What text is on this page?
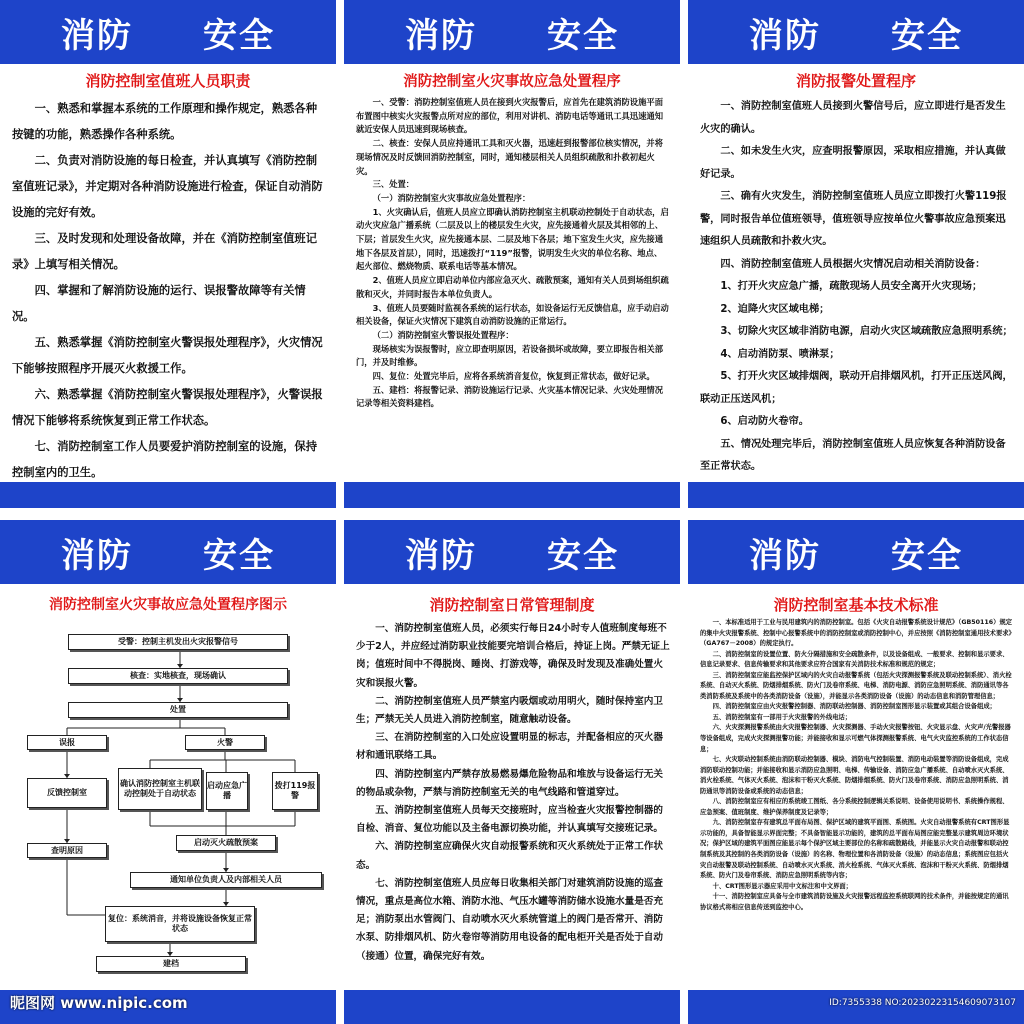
消防 安全
消防控制室值班人员职责

一、熟悉和掌握本系统的工作原理和操作规定，熟悉各种按键的功能，熟悉操作各种系统。

二、负责对消防设施的每日检查，并认真填写《消防控制室值班记录》，并定期对各种消防设施进行检查，保证自动消防设施的完好有效。

三、及时发现和处理设备故障，并在《消防控制室值班记录》上填写相关情况。

四、掌握和了解消防设施的运行、误报警故障等有关情况。

五、熟悉掌握《消防控制室火警误报处理程序》，火灾情况下能够按照程序开展灭火救援工作。

六、熟悉掌握《消防控制室火警误报处理程序》，火警误报情况下能够将系统恢复到正常工作状态。

七、消防控制室工作人员要爱护消防控制室的设施，保持控制室内的卫生。

消防 安全
消防控制室火灾事故应急处置程序

一、受警：消防控制室值班人员在接到火灾报警后，应首先在建筑消防设施平面布置图中核实火灾报警点所对应的部位，利用对讲机、消防电话等通讯工具迅速通知就近安保人员迅速到现场核查。

二、核查：安保人员应持通讯工具和灭火器，迅速赶到报警部位核实情况，并将现场情况及时反馈回消防控制室，同时，通知楼层相关人员组织疏散和扑救初起火灾。

三、处置：

（一）消防控制室火灾事故应急处置程序：

1、火灾确认后，值班人员应立即确认消防控制室主机联动控制处于自动状态，启动火灾应急广播系统（二层及以上的楼层发生火灾，应先接通着火层及其相邻的上、下层；首层发生火灾，应先接通本层、二层及地下各层；地下室发生火灾，应先接通地下各层及首层），同时，迅速拨打“119”报警，说明发生火灾的单位名称、地点、起火部位、燃烧物质、联系电话等基本情况。

2、值班人员应立即启动单位内部应急灭火、疏散预案，通知有关人员到场组织疏散和灭火，并同时报告本单位负责人。

3、值班人员要随时监视各系统的运行状态，如设备运行无反馈信息，应手动启动相关设备，保证火灾情况下建筑自动消防设施的正常运行。

（二）消防控制室火警误报处置程序：

现场核实为误报警时，应立即查明原因，若设备损坏或故障，要立即报告相关部门，并及时维修。

四、复位：处置完毕后，应将各系统消音复位，恢复到正常状态，做好记录。

五、建档：将报警记录、消防设施运行记录、火灾基本情况记录、火灾处理情况记录等相关资料建档。

消防 安全
消防报警处置程序

一、消防控制室值班人员接到火警信号后，应立即进行是否发生火灾的确认。

二、如未发生火灾，应查明报警原因，采取相应措施，并认真做好记录。

三、确有火灾发生，消防控制室值班人员应立即拨打火警119报警，同时报告单位值班领导，值班领导应按单位火警事故应急预案迅速组织人员疏散和扑救火灾。

四、消防控制室值班人员根据火灾情况启动相关消防设备：

1、打开火灾应急广播，疏散现场人员安全离开火灾现场；

2、迫降火灾区域电梯；

3、切除火灾区域非消防电源，启动火灾区域疏散应急照明系统；

4、启动消防泵、喷淋泵；

5、打开火灾区域排烟阀，联动开启排烟风机，打开正压送风阀，联动正压送风机；

6、启动防火卷帘。

五、情况处理完毕后，消防控制室值班人员应恢复各种消防设备至正常状态。

消防 安全
消防控制室火灾事故应急处置程序图示
受警：控制主机发出火灾报警信号
核查：实地核查，现场确认
处置
误报	火警
反馈控制室
确认消防控制室主机联动控制处于自动状态
启动应急广播
拨打119报警
查明原因
启动灭火疏散预案
通知单位负责人及内部相关人员
复位：系统消音，并将设施设备恢复正常状态
建档
消防 安全
消防控制室日常管理制度

一、消防控制室值班人员，必须实行每日24小时专人值班制度每班不少于2人，并应经过消防职业技能要完培训合格后，持证上岗。严禁无证上岗；值班时间中不得脱岗、睡岗、打游戏等，确保及时发现及准确处置火灾和误报火警。

二、消防控制室值班人员严禁室内吸烟或动用明火，随时保持室内卫生；严禁无关人员进入消防控制室，随意触动设备。

三、在消防控制室的入口处应设置明显的标志，并配备相应的灭火器材和通讯联络工具。

四、消防控制室内严禁存放易燃易爆危险物品和堆放与设备运行无关的物品或杂物，严禁与消防控制室无关的电气线路和管道穿过。

五、消防控制室值班人员每天交接班时，应当检查火灾报警控制器的自检、消音、复位功能以及主备电源切换功能，并认真填写交接班记录。

六、消防控制室应确保火灾自动报警系统和灭火系统处于正常工作状态。

七、消防控制室值班人员应每日收集相关部门对建筑消防设施的巡查情况，重点是高位水箱、消防水池、气压水罐等消防储水设施水量是否充足；消防泵出水管阀门、自动喷水灭火系统管道上的阀门是否常开、消防水泵、防排烟风机、防火卷帘等消防用电设备的配电柜开关是否处于自动（接通）位置，确保完好有效。

消防 安全
消防控制室基本技术标准

一、本标准适用于工业与民用建筑内的消防控制室。包括《火灾自动报警系统设计规范》（GB50116）规定的集中火灾报警系统、控制中心报警系统中的消防控制室或消防控制中心，并应按照《消防控制室通用技术要求》（GA767－2008）的规定执行。

二、消防控制室的设置位置、防火分隔措施和安全疏散条件，以及设备组成、一般要求、控制和显示要求、信息记录要求、信息传输要求和其他要求应符合国家有关消防技术标准和规范的规定；

三、消防控制室应能监控保护区域内的火灾自动报警系统（包括火灾探测报警系统及联动控制系统）、消火栓系统、自动灭火系统、防烟排烟系统、防火门及卷帘系统、电梯、消防电源、消防应急照明系统、消防通讯等各类消防系统及系统中的各类消防设备（设施），并能显示各类消防设备（设施）的动态信息和消防管理信息；

四、消防控制室应由火灾报警控制器、消防联动控制器、消防控制室图形显示装置或其组合设备组成；

五、消防控制室有一部用于火灾报警的外线电话；

六、火灾探测报警系统由火灾报警控制器、火灾探测器、手动火灾报警按钮、火灾显示盘、火灾声/光警报器等设备组成，完成火灾探测报警功能；并能接收和显示可燃气体探测报警系统、电气火灾监控系统的工作状态信息；

七、火灾联动控制系统由消防联动控制器、模块、消防电气控制装置、消防电动装置等消防设备组成，完成消防联动控制功能；并能接收和显示消防应急照明、电梯、传输设备、消防应急广播系统、自动喷水灭火系统、消火栓系统、气体灭火系统、泡沫和干粉灭火系统、防烟排烟系统、防火门及卷帘系统、消防应急照明系统、消防通讯等消防设备或系统的动态信息；

八、消防控制室应有相应的系统竣工图纸、各分系统控制逻辑关系说明、设备使用说明书、系统操作规程、应急预案、值班制度、维护保养制度及记录等；

九、消防控制室存有建筑总平面布局图、保护区域的建筑平面图、系统图。火灾自动报警系统有CRT图形显示功能的，具备智能显示界面完整；不具备智能显示功能的，建筑的总平面布局图应能完整显示建筑周边环境状况；保护区域的建筑平面图应能显示每个保护区域主要部位的名称和疏散路线，并能显示火灾自动报警和联动控制系统及其控制的各类消防设备（设施）的名称、物理位置和各消防设备（设施）的动态信息；系统图应包括火灾自动报警及联动控制系统、自动喷水灭火系统、消火栓系统、气体灭火系统、泡沫和干粉灭火系统、防烟排烟系统、防火门及卷帘系统、消防应急照明系统等内容；

十、CRT图形显示器应采用中文标注和中文界面；

十一、消防控制室应具备与全市建筑消防设施及火灾报警远程监控系统联网的技术条件，并能按规定的通讯协议格式将相应信息传送到监控中心。

昵图网 www.nipic.com	ID:7355338 NO:20230223154609073107
